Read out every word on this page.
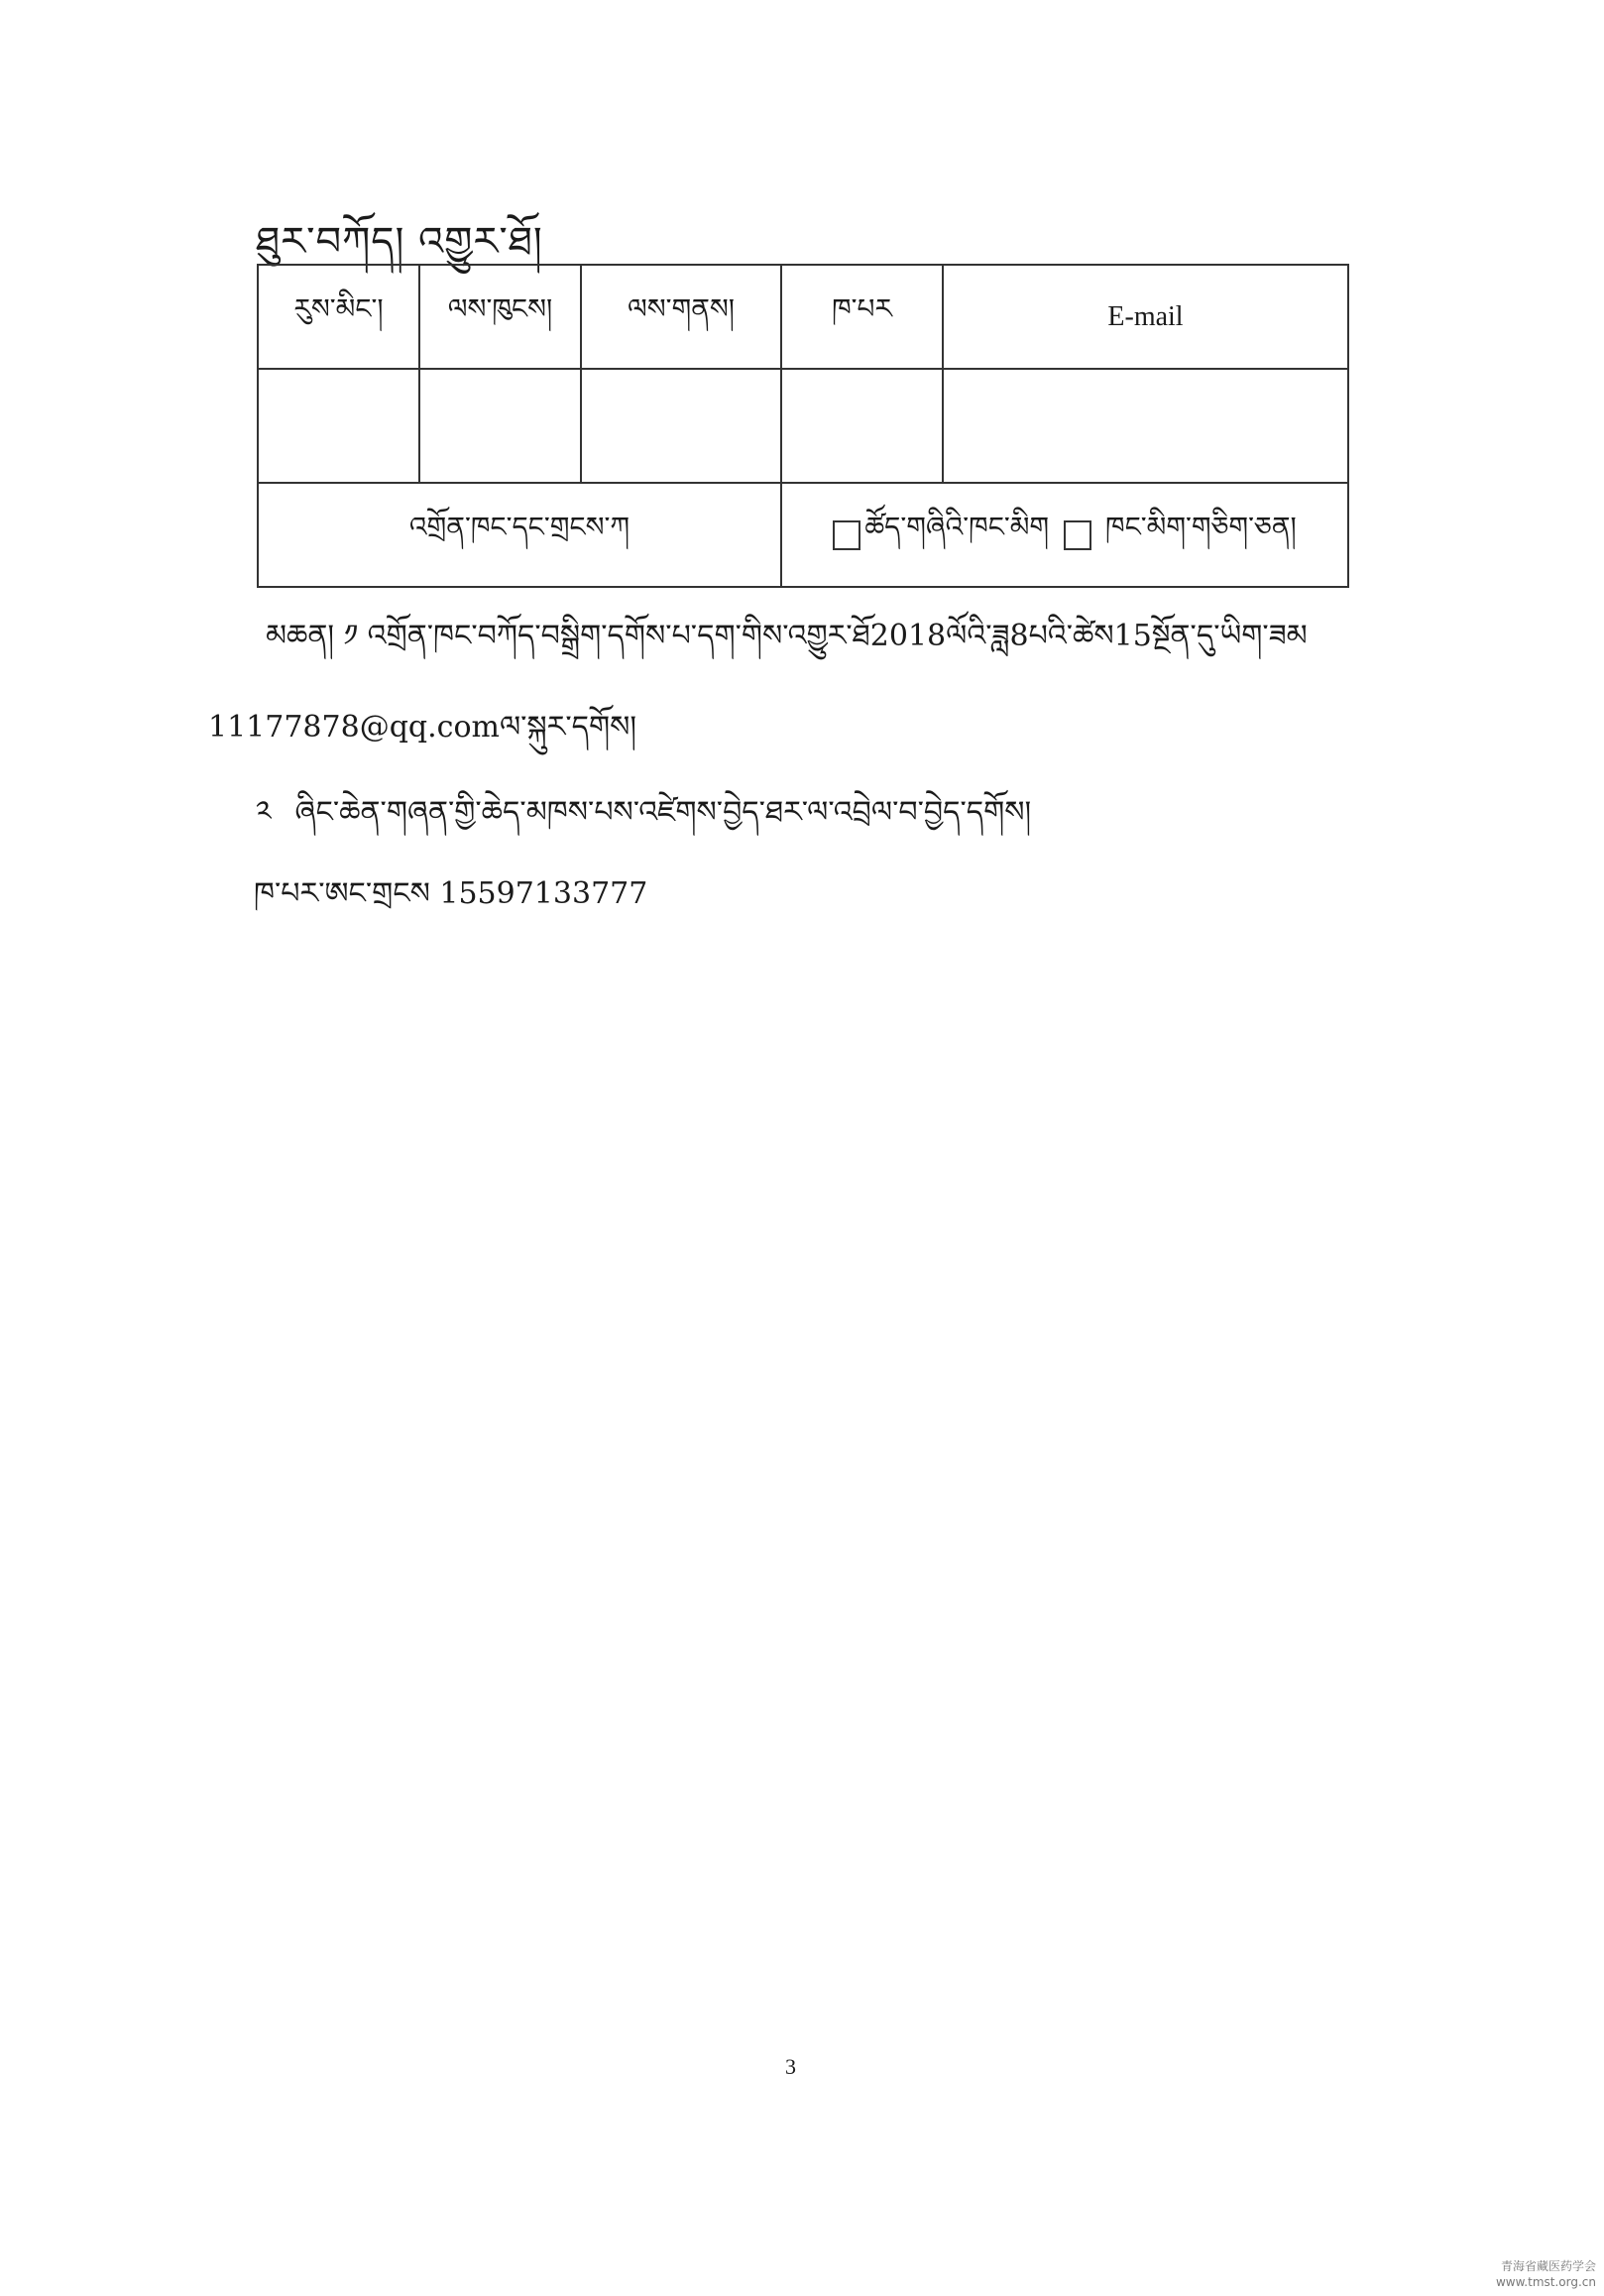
ཐུར་བཀོད། འགྱུར་ཐོ།
རུས་མིང་།	ལས་ཁུངས།	ལས་གནས།	ཁ་པར	E-mail

འགྲོན་ཁང་དང་གྲངས་ཀ			ཚོད་གཞིའི་ཁང་མིག ཁང་མིག་གཅིག་ཅན།	
མཆན། ༡ འགྲོན་ཁང་བཀོད་བསྒྲིག་དགོས་པ་དག་གིས་འགྱུར་ཐོ2018ལོའི་ཟླ8པའི་ཚེས15སྔོན་དུ་ཡིག་ཟམ
11177878@qq.comལ་སྐུར་དགོས།
༢ ཞིང་ཆེན་གཞན་གྱི་ཆེད་མཁས་པས་འཛེགས་བྱེད་ཐར་ལ་འབྲེལ་བ་བྱེད་དགོས།
ཁ་པར་ཨང་གྲངས 15597133777
3
青海省藏医药学会
www.tmst.org.cn
